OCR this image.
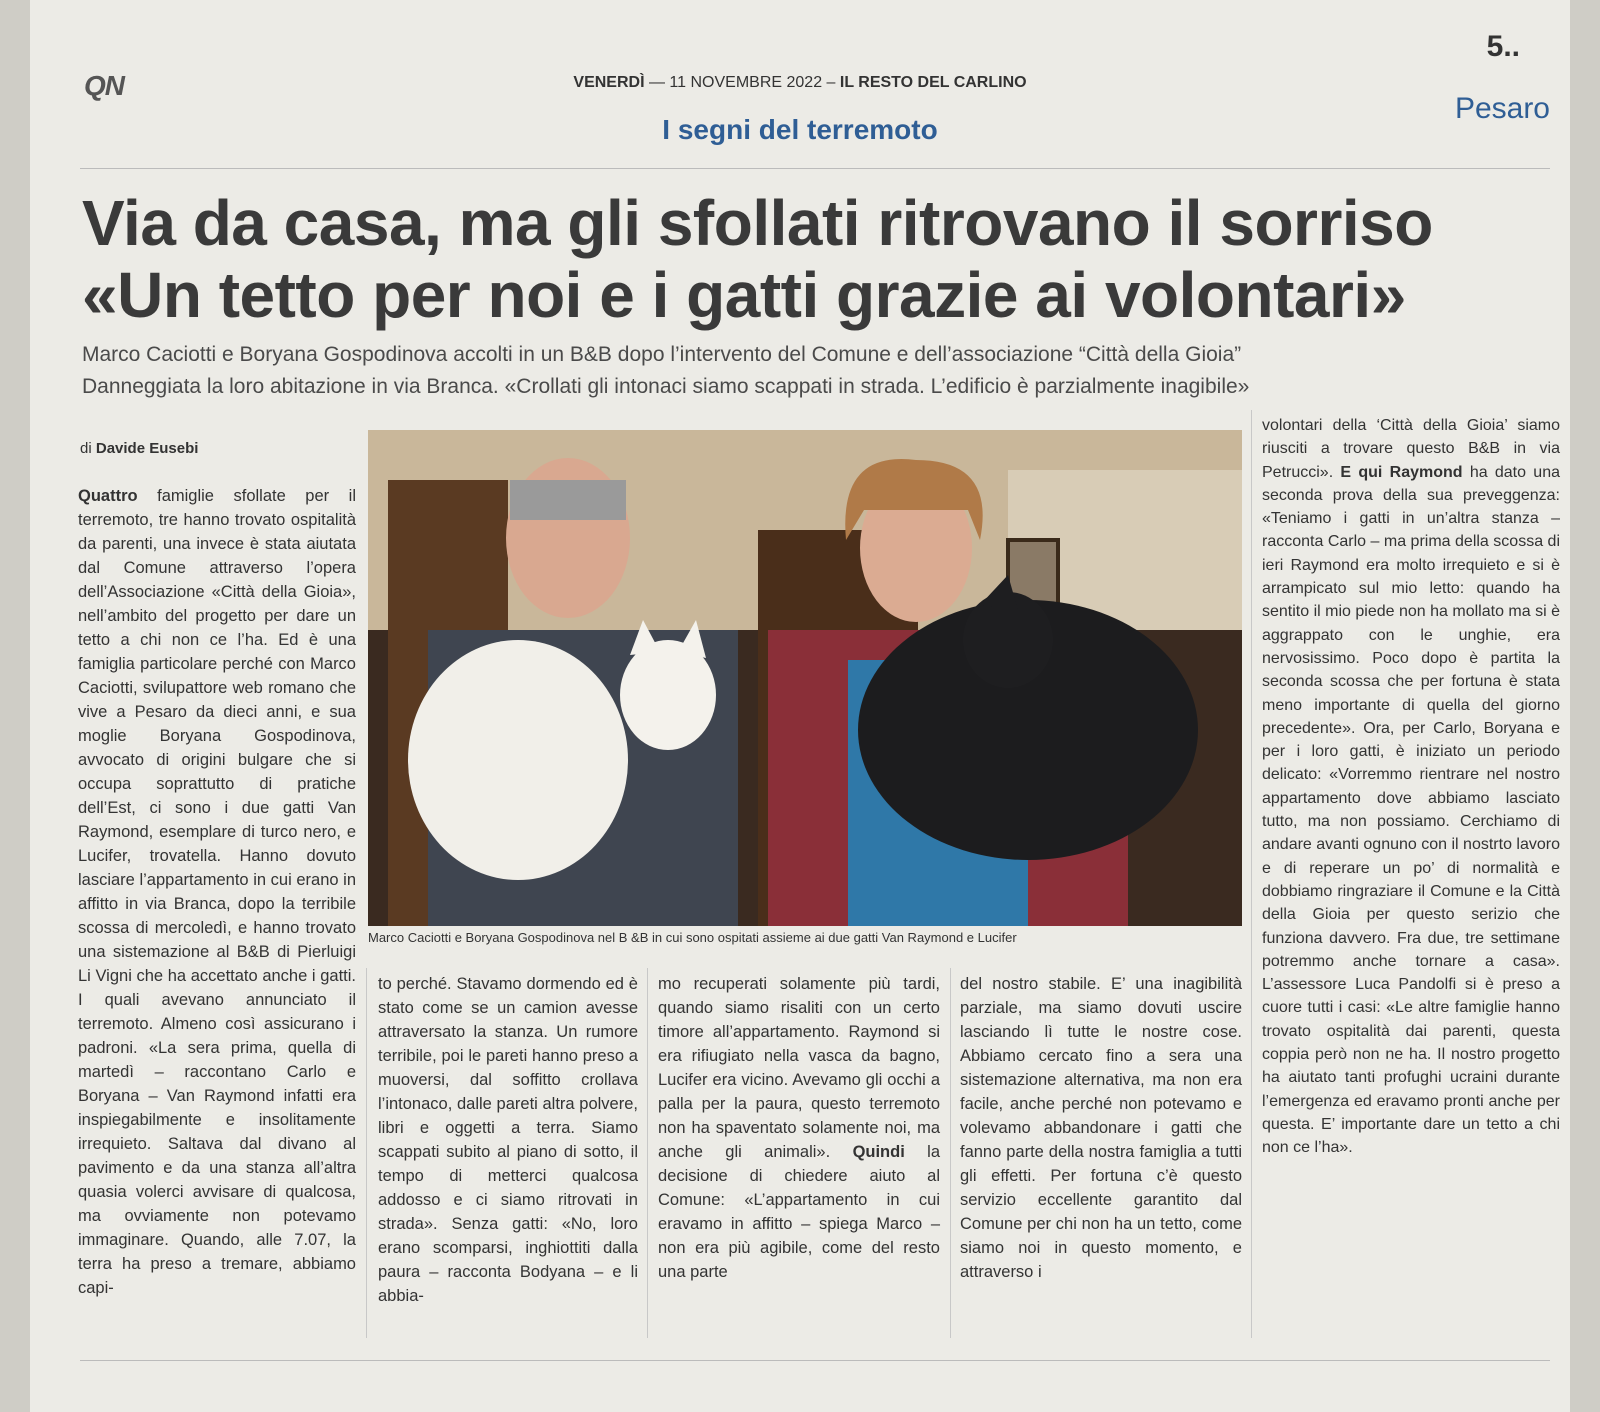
QN	VENERDÌ — 11 NOVEMBRE 2022 – IL RESTO DEL CARLINO
5..
Pesaro
I segni del terremoto
Via da casa, ma gli sfollati ritrovano il sorriso
«Un tetto per noi e i gatti grazie ai volontari»
Marco Caciotti e Boryana Gospodinova accolti in un B&B dopo l’intervento del Comune e dell’associazione “Città della Gioia”
Danneggiata la loro abitazione in via Branca. «Crollati gli intonaci siamo scappati in strada. L’edificio è parzialmente inagibile»
di Davide Eusebi

Quattro famiglie sfollate per il terremoto, tre hanno trovato ospitalità da parenti, una invece è stata aiutata dal Comune attraverso l’opera dell’Associazione «Città della Gioia», nell’ambito del progetto per dare un tetto a chi non ce l’ha. Ed è una famiglia particolare perché con Marco Caciotti, svilupattore web romano che vive a Pesaro da dieci anni, e sua moglie Boryana Gospodinova, avvocato di origini bulgare che si occupa soprattutto di pratiche dell’Est, ci sono i due gatti Van Raymond, esemplare di turco nero, e Lucifer, trovatella. Hanno dovuto lasciare l’appartamento in cui erano in affitto in via Branca, dopo la terribile scossa di mercoledì, e hanno trovato una sistemazione al B&B di Pierluigi Li Vigni che ha accettato anche i gatti. I quali avevano annunciato il terremoto. Almeno così assicurano i padroni. «La sera prima, quella di martedì – raccontano Carlo e Boryana – Van Raymond infatti era inspiegabilmente e insolitamente irrequieto. Saltava dal divano al pavimento e da una stanza all’altra quasia volerci avvisare di qualcosa, ma ovviamente non potevamo immaginare. Quando, alle 7.07, la terra ha preso a tremare, abbiamo capi-

Marco Caciotti e Boryana Gospodinova nel B &B in cui sono ospitati assieme ai due gatti Van Raymond e Lucifer

to perché. Stavamo dormendo ed è stato come se un camion avesse attraversato la stanza. Un rumore terribile, poi le pareti hanno preso a muoversi, dal soffitto crollava l’intonaco, dalle pareti altra polvere, libri e oggetti a terra. Siamo scappati subito al piano di sotto, il tempo di metterci qualcosa addosso e ci siamo ritrovati in strada». Senza gatti: «No, loro erano scomparsi, inghiottiti dalla paura – racconta Bodyana – e li abbia-

mo recuperati solamente più tardi, quando siamo risaliti con un certo timore all’appartamento. Raymond si era rifiugiato nella vasca da bagno, Lucifer era vicino. Avevamo gli occhi a palla per la paura, questo terremoto non ha spaventato solamente noi, ma anche gli animali». Quindi la decisione di chiedere aiuto al Comune: «L’appartamento in cui eravamo in affitto – spiega Marco – non era più agibile, come del resto una parte

del nostro stabile. E’ una inagibilità parziale, ma siamo dovuti uscire lasciando lì tutte le nostre cose. Abbiamo cercato fino a sera una sistemazione alternativa, ma non era facile, anche perché non potevamo e volevamo abbandonare i gatti che fanno parte della nostra famiglia a tutti gli effetti. Per fortuna c’è questo servizio eccellente garantito dal Comune per chi non ha un tetto, come siamo noi in questo momento, e attraverso i

volontari della ‘Città della Gioia’ siamo riusciti a trovare questo B&B in via Petrucci». E qui Raymond ha dato una seconda prova della sua preveggenza: «Teniamo i gatti in un’altra stanza – racconta Carlo – ma prima della scossa di ieri Raymond era molto irrequieto e si è arrampicato sul mio letto: quando ha sentito il mio piede non ha mollato ma si è aggrappato con le unghie, era nervosissimo. Poco dopo è partita la seconda scossa che per fortuna è stata meno importante di quella del giorno precedente». Ora, per Carlo, Boryana e per i loro gatti, è iniziato un periodo delicato: «Vorremmo rientrare nel nostro appartamento dove abbiamo lasciato tutto, ma non possiamo. Cerchiamo di andare avanti ognuno con il nostrto lavoro e di reperare un po’ di normalità e dobbiamo ringraziare il Comune e la Città della Gioia per questo serizio che funziona davvero. Fra due, tre settimane potremmo anche tornare a casa». L’assessore Luca Pandolfi si è preso a cuore tutti i casi: «Le altre famiglie hanno trovato ospitalità dai parenti, questa coppia però non ne ha. Il nostro progetto ha aiutato tanti profughi ucraini durante l’emergenza ed eravamo pronti anche per questa. E’ importante dare un tetto a chi non ce l’ha».
